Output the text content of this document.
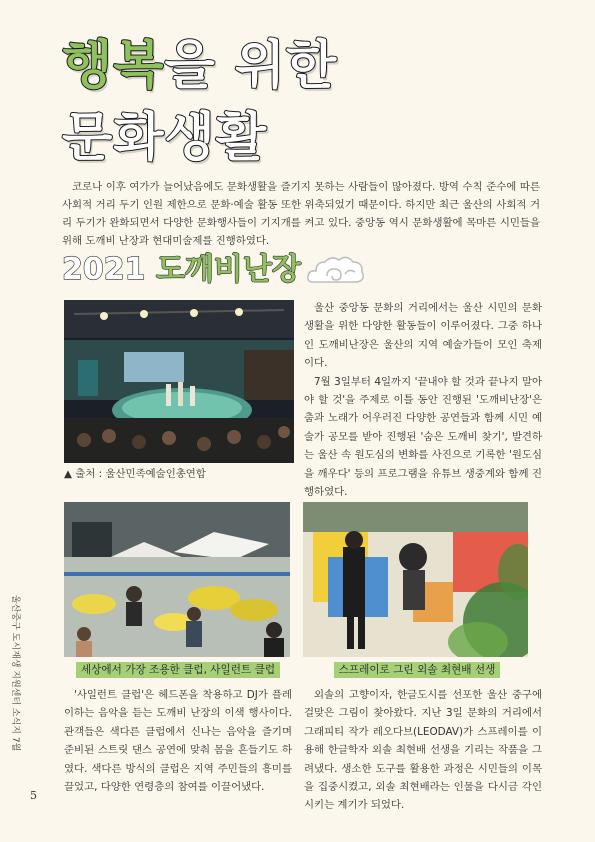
행복을 위한
문화생활

코로나 이후 여가가 늘어났음에도 문화생활을 즐기지 못하는 사람들이 많아졌다. 방역 수칙 준수에 따른 사회적 거리 두기 인원 제한으로 문화·예술 활동 또한 위축되었기 때문이다. 하지만 최근 울산의 사회적 거리 두기가 완화되면서 다양한 문화행사들이 기지개를 켜고 있다. 중앙동 역시 문화생활에 목마른 시민들을 위해 도깨비 난장과 현대미술제를 진행하였다.

2021 도깨비난장
▲ 출처 : 울산민족예술인총연합

울산 중앙동 문화의 거리에서는 울산 시민의 문화 생활을 위한 다양한 활동들이 이루어졌다. 그중 하나인 도깨비난장은 울산의 지역 예술가들이 모인 축제이다.

7월 3일부터 4일까지 '끝내야 할 것과 끝나지 말아야 할 것'을 주제로 이틀 동안 진행된 '도깨비난장'은 춤과 노래가 어우러진 다양한 공연들과 함께 시민 예술가 공모를 받아 진행된 '숨은 도깨비 찾기', 발견하는 울산 속 원도심의 변화를 사진으로 기록한 '원도심을 깨우다' 등의 프로그램을 유튜브 생중계와 함께 진행하였다.

세상에서 가장 조용한 클럽, 사일런트 클럽	스프레이로 그린 외솔 최현배 선생

'사일런트 클럽'은 헤드폰을 착용하고 DJ가 플레이하는 음악을 듣는 도깨비 난장의 이색 행사이다. 관객들은 색다른 클럽에서 신나는 음악을 즐기며 준비된 스트릿 댄스 공연에 맞춰 몸을 흔들기도 하였다. 색다른 방식의 클럽은 지역 주민들의 흥미를 끌었고, 다양한 연령층의 참여를 이끌어냈다.

외솔의 고향이자, 한글도시를 선포한 울산 중구에 걸맞은 그림이 찾아왔다. 지난 3일 문화의 거리에서 그래피티 작가 레오다브(LEODAV)가 스프레이를 이용해 한글학자 외솔 최현배 선생을 기리는 작품을 그려냈다. 생소한 도구를 활용한 과정은 시민들의 이목을 집중시켰고, 외솔 최현배라는 인물을 다시금 각인시키는 계기가 되었다.

울산중구 도시재생 지원센터 소식지 7월
5
